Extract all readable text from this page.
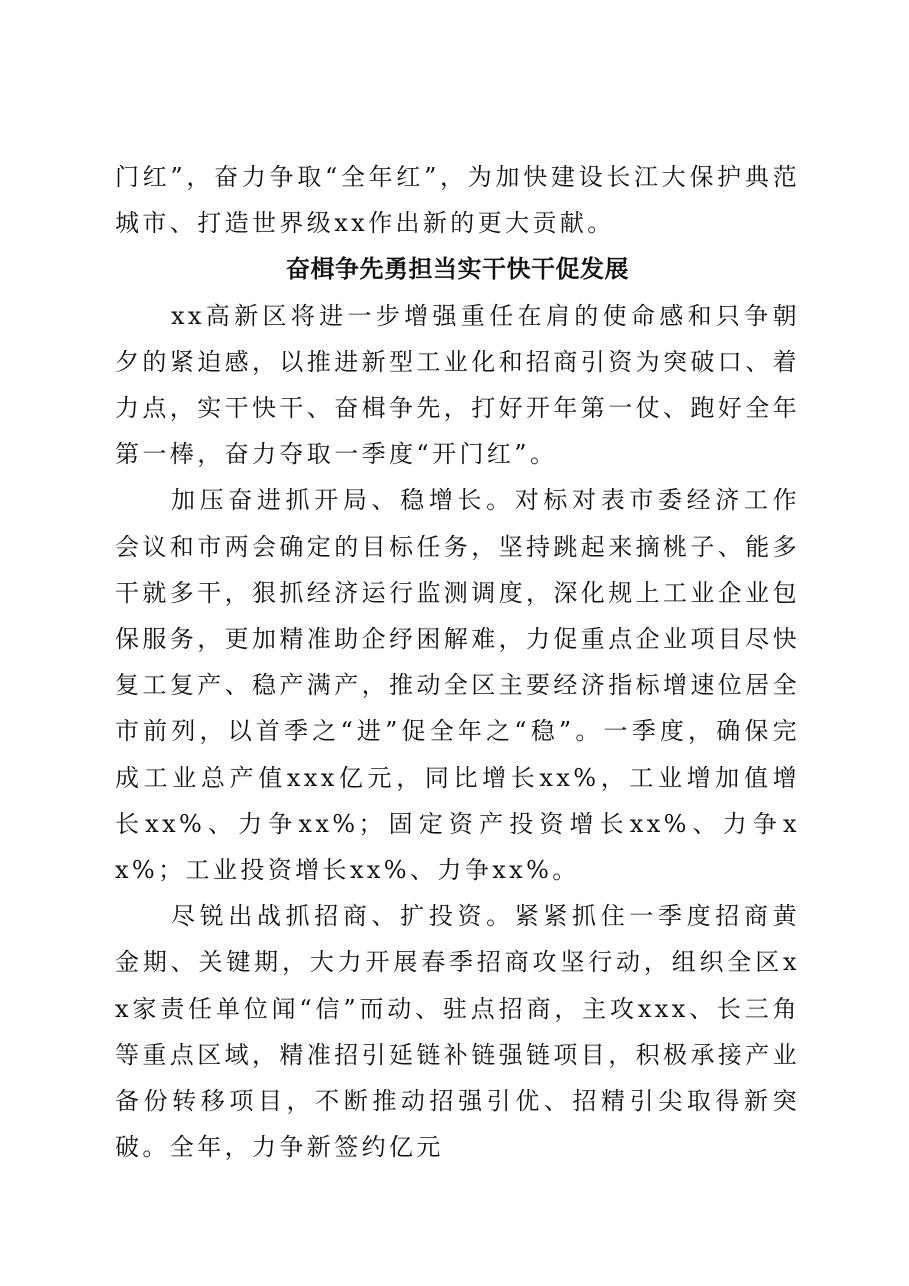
门红”，奋力争取“全年红”，为加快建设长江大保护典范城市、打造世界级xx作出新的更大贡献。

奋楫争先勇担当实干快干促发展

xx高新区将进一步增强重任在肩的使命感和只争朝夕的紧迫感，以推进新型工业化和招商引资为突破口、着力点，实干快干、奋楫争先，打好开年第一仗、跑好全年第一棒，奋力夺取一季度“开门红”。

加压奋进抓开局、稳增长。对标对表市委经济工作会议和市两会确定的目标任务，坚持跳起来摘桃子、能多干就多干，狠抓经济运行监测调度，深化规上工业企业包保服务，更加精准助企纾困解难，力促重点企业项目尽快复工复产、稳产满产，推动全区主要经济指标增速位居全市前列，以首季之“进”促全年之“稳”。一季度，确保完成工业总产值xxx亿元，同比增长xx%，工业增加值增长xx%、力争xx%；固定资产投资增长xx%、力争xx%；工业投资增长xx%、力争xx%。

尽锐出战抓招商、扩投资。紧紧抓住一季度招商黄金期、关键期，大力开展春季招商攻坚行动，组织全区xx家责任单位闻“信”而动、驻点招商，主攻xxx、长三角等重点区域，精准招引延链补链强链项目，积极承接产业备份转移项目，不断推动招强引优、招精引尖取得新突破。全年，力争新签约亿元
